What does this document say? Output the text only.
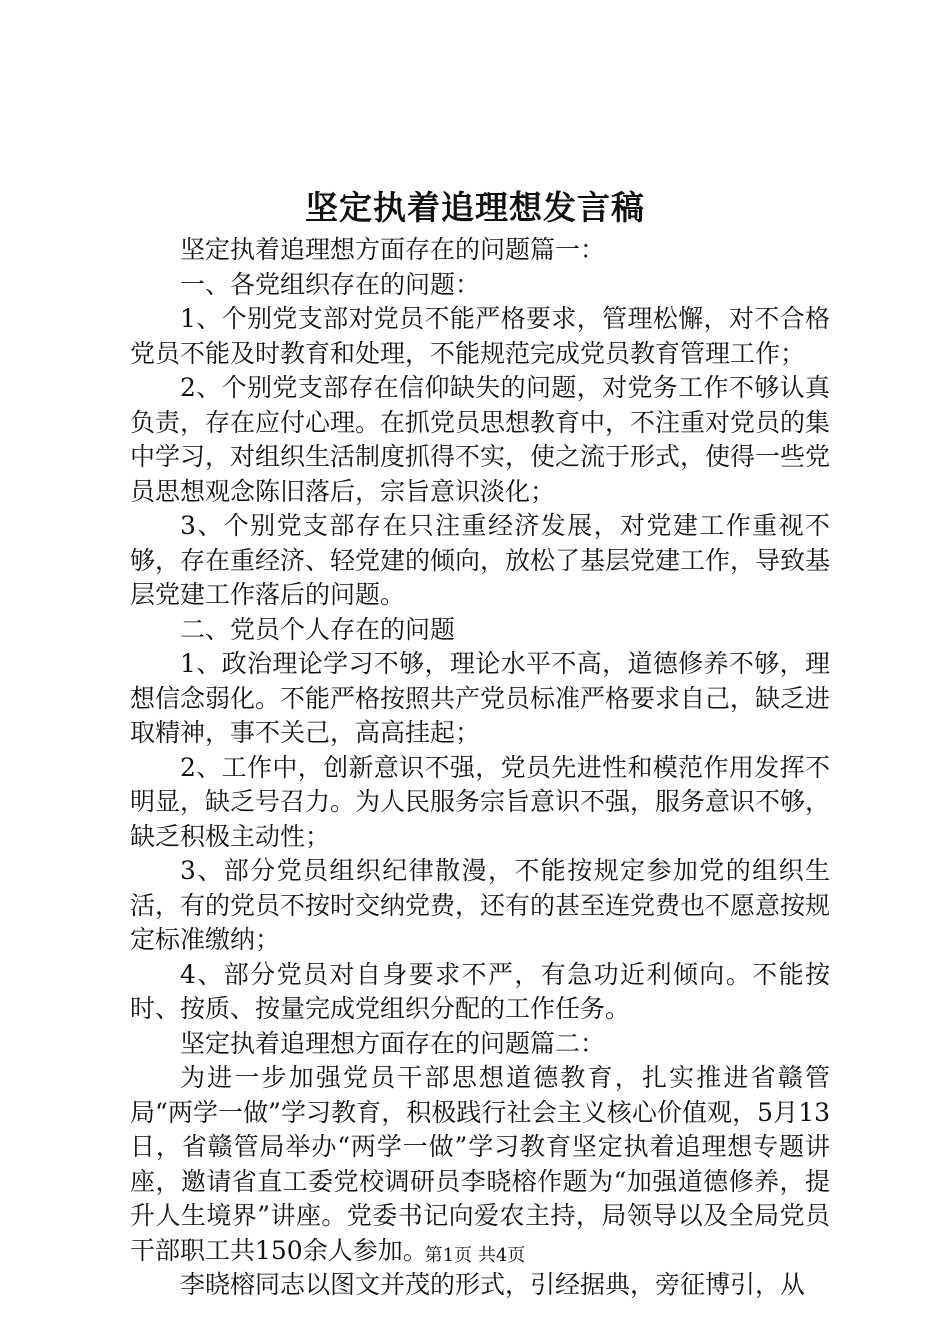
坚定执着追理想发言稿

坚定执着追理想方面存在的问题篇一：

一、各党组织存在的问题：

1、个别党支部对党员不能严格要求，管理松懈，对不合格党员不能及时教育和处理，不能规范完成党员教育管理工作；

2、个别党支部存在信仰缺失的问题，对党务工作不够认真负责，存在应付心理。在抓党员思想教育中，不注重对党员的集中学习，对组织生活制度抓得不实，使之流于形式，使得一些党员思想观念陈旧落后，宗旨意识淡化；

3、个别党支部存在只注重经济发展，对党建工作重视不够，存在重经济、轻党建的倾向，放松了基层党建工作，导致基层党建工作落后的问题。

二、党员个人存在的问题

1、政治理论学习不够，理论水平不高，道德修养不够，理想信念弱化。不能严格按照共产党员标准严格要求自己，缺乏进取精神，事不关己，高高挂起；

2、工作中，创新意识不强，党员先进性和模范作用发挥不明显，缺乏号召力。为人民服务宗旨意识不强，服务意识不够，缺乏积极主动性；

3、部分党员组织纪律散漫，不能按规定参加党的组织生活，有的党员不按时交纳党费，还有的甚至连党费也不愿意按规定标准缴纳；

4、部分党员对自身要求不严，有急功近利倾向。不能按时、按质、按量完成党组织分配的工作任务。

坚定执着追理想方面存在的问题篇二：

为进一步加强党员干部思想道德教育，扎实推进省赣管局“两学一做”学习教育，积极践行社会主义核心价值观，5月13日，省赣管局举办“两学一做”学习教育坚定执着追理想专题讲座，邀请省直工委党校调研员李晓榕作题为“加强道德修养，提升人生境界”讲座。党委书记向爱农主持，局领导以及全局党员干部职工共150余人参加。

李晓榕同志以图文并茂的形式，引经据典，旁征博引，从

第1页 共4页
